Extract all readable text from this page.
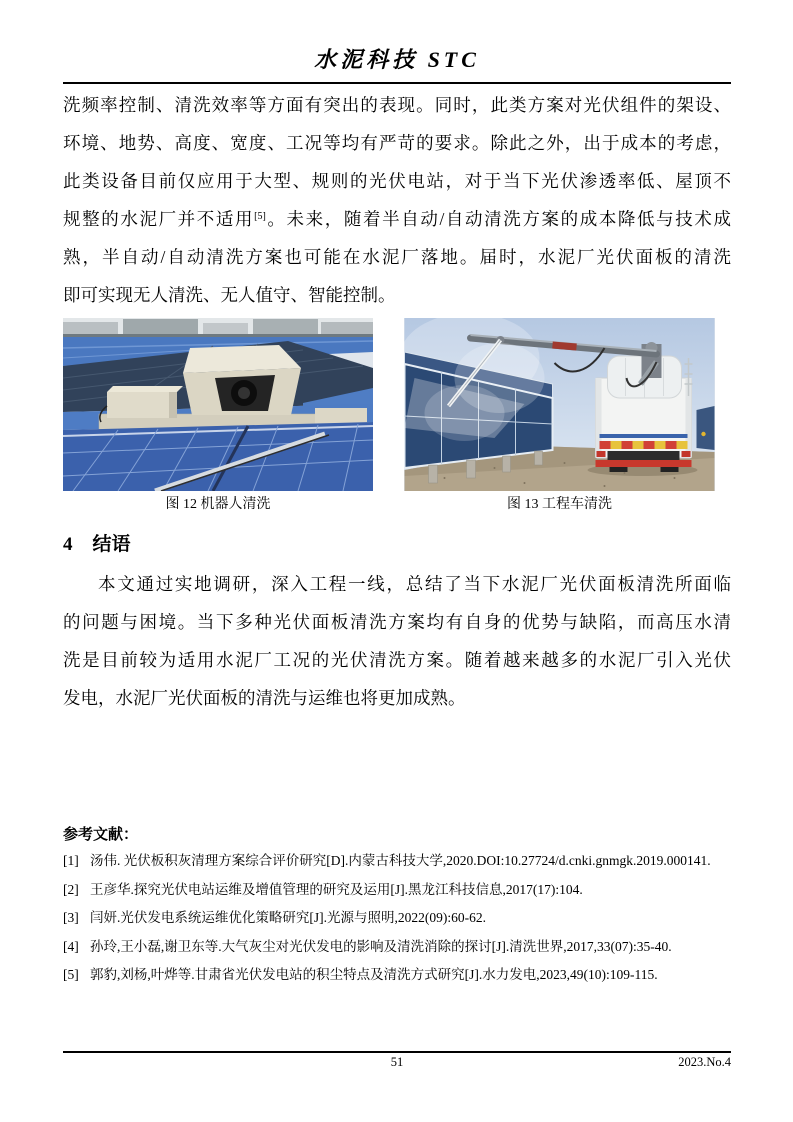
水泥科技 STC

洗频率控制、清洗效率等方面有突出的表现。同时，此类方案对光伏组件的架设、

环境、地势、高度、宽度、工况等均有严苛的要求。除此之外，出于成本的考虑，

此类设备目前仅应用于大型、规则的光伏电站，对于当下光伏渗透率低、屋顶不

规整的水泥厂并不适用[5]。未来，随着半自动/自动清洗方案的成本降低与技术成

熟，半自动/自动清洗方案也可能在水泥厂落地。届时，水泥厂光伏面板的清洗

即可实现无人清洗、无人值守、智能控制。

图 12 机器人清洗	图 13 工程车清洗
4 结语

本文通过实地调研，深入工程一线，总结了当下水泥厂光伏面板清洗所面临

的问题与困境。当下多种光伏面板清洗方案均有自身的优势与缺陷，而高压水清

洗是目前较为适用水泥厂工况的光伏清洗方案。随着越来越多的水泥厂引入光伏

发电，水泥厂光伏面板的清洗与运维也将更加成熟。

参考文献：
[1] 汤伟. 光伏板积灰清理方案综合评价研究[D].内蒙古科技大学,2020.DOI:10.27724/d.cnki.gnmgk.2019.000141.
[2] 王彦华.探究光伏电站运维及增值管理的研究及运用[J].黑龙江科技信息,2017(17):104.
[3] 闫妍.光伏发电系统运维优化策略研究[J].光源与照明,2022(09):60-62.
[4] 孙玲,王小磊,谢卫东等.大气灰尘对光伏发电的影响及清洗消除的探讨[J].清洗世界,2017,33(07):35-40.
[5] 郭豹,刘杨,叶烨等.甘肃省光伏发电站的积尘特点及清洗方式研究[J].水力发电,2023,49(10):109-115.
51	2023.No.4
